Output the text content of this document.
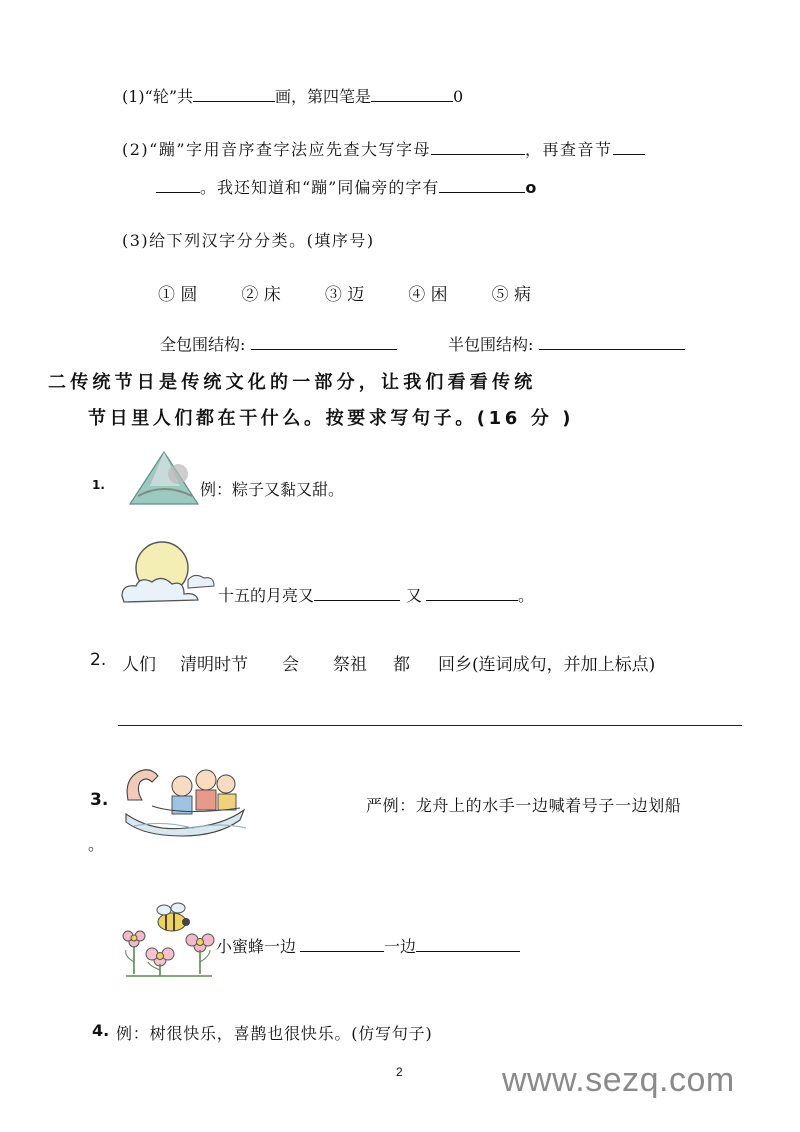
(1)“轮”共	画，第四笔是	0
(2)“蹦”字用音序查字法应先查大写字母	，再查音节
。我还知道和“蹦”同偏旁的字有	o
(3)给下列汉字分分类。(填序号)
① 圆	② 床	③ 迈	④ 困	⑤ 病
全包围结构:	半包围结构:
二传统节日是传统文化的一部分，让我们看看传统
节日里人们都在干什么。按要求写句子。(16 分 )
1.	例：粽子又黏又甜。
十五的月亮又	又	。
2. 人们 清明时节 会 祭祖 都 回乡(连词成句，并加上标点)
3.	严例：龙舟上的水手一边喊着号子一边划船
。
小蜜蜂一边	一边
4. 例：树很快乐，喜鹊也很快乐。(仿写句子)
2	www.sezq.com
